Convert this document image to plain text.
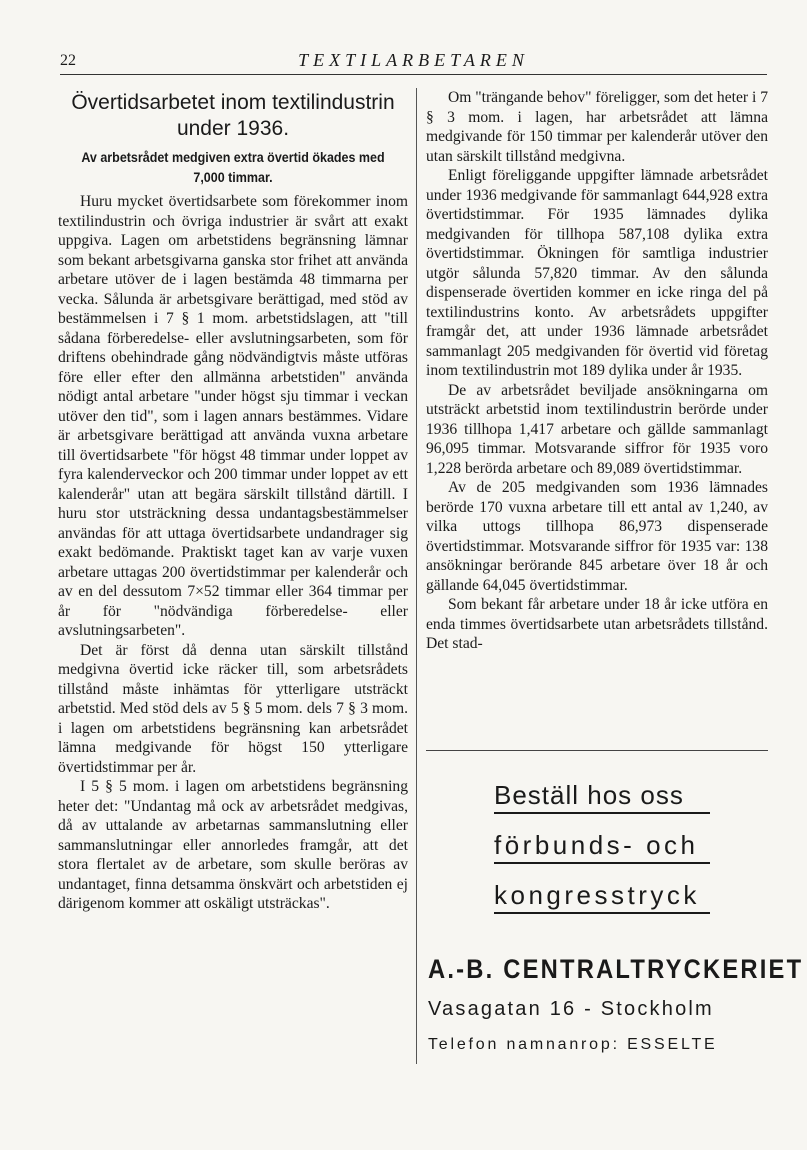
22	TEXTILARBETAREN
Övertidsarbetet inom textilindustrin under 1936.
Av arbetsrådet medgiven extra övertid ökades med 7,000 timmar.

Huru mycket övertidsarbete som förekommer inom textilindustrin och övriga industrier är svårt att exakt uppgiva. Lagen om arbetstidens begränsning lämnar som bekant arbetsgivarna ganska stor frihet att använda arbetare utöver de i lagen bestämda 48 timmarna per vecka. Sålunda är arbetsgivare berättigad, med stöd av bestämmelsen i 7 § 1 mom. arbetstidslagen, att "till sådana förberedelse- eller avslutningsarbeten, som för driftens obehindrade gång nödvändigtvis måste utföras före eller efter den allmänna arbetstiden" använda nödigt antal arbetare "under högst sju timmar i veckan utöver den tid", som i lagen annars bestämmes. Vidare är arbetsgivare berättigad att använda vuxna arbetare till övertidsarbete "för högst 48 timmar under loppet av fyra kalenderveckor och 200 timmar under loppet av ett kalenderår" utan att begära särskilt tillstånd därtill. I huru stor utsträckning dessa undantagsbestämmelser användas för att uttaga övertidsarbete undandrager sig exakt bedömande. Praktiskt taget kan av varje vuxen arbetare uttagas 200 övertidstimmar per kalenderår och av en del dessutom 7×52 timmar eller 364 timmar per år för "nödvändiga förberedelse- eller avslutningsarbeten".

Det är först då denna utan särskilt tillstånd medgivna övertid icke räcker till, som arbetsrådets tillstånd måste inhämtas för ytterligare utsträckt arbetstid. Med stöd dels av 5 § 5 mom. dels 7 § 3 mom. i lagen om arbetstidens begränsning kan arbetsrådet lämna medgivande för högst 150 ytterligare övertidstimmar per år.

I 5 § 5 mom. i lagen om arbetstidens begränsning heter det: "Undantag må ock av arbetsrådet medgivas, då av uttalande av arbetarnas sammanslutning eller sammanslutningar eller annorledes framgår, att det stora flertalet av de arbetare, som skulle beröras av undantaget, finna detsamma önskvärt och arbetstiden ej därigenom kommer att oskäligt utsträckas".

Om "trängande behov" föreligger, som det heter i 7 § 3 mom. i lagen, har arbetsrådet att lämna medgivande för 150 timmar per kalenderår utöver den utan särskilt tillstånd medgivna.

Enligt föreliggande uppgifter lämnade arbetsrådet under 1936 medgivande för sammanlagt 644,928 extra övertidstimmar. För 1935 lämnades dylika medgivanden för tillhopa 587,108 dylika extra övertidstimmar. Ökningen för samtliga industrier utgör sålunda 57,820 timmar. Av den sålunda dispenserade övertiden kommer en icke ringa del på textilindustrins konto. Av arbetsrådets uppgifter framgår det, att under 1936 lämnade arbetsrådet sammanlagt 205 medgivanden för övertid vid företag inom textilindustrin mot 189 dylika under år 1935.

De av arbetsrådet beviljade ansökningarna om utsträckt arbetstid inom textilindustrin berörde under 1936 tillhopa 1,417 arbetare och gällde sammanlagt 96,095 timmar. Motsvarande siffror för 1935 voro 1,228 berörda arbetare och 89,089 övertidstimmar.

Av de 205 medgivanden som 1936 lämnades berörde 170 vuxna arbetare till ett antal av 1,240, av vilka uttogs tillhopa 86,973 dispenserade övertidstimmar. Motsvarande siffror för 1935 var: 138 ansökningar berörande 845 arbetare över 18 år och gällande 64,045 övertidstimmar.

Som bekant får arbetare under 18 år icke utföra en enda timmes övertidsarbete utan arbetsrådets tillstånd. Det stad-

Beställ hos oss
förbunds- och
kongresstryck
A.-B. CENTRALTRYCKERIET
Vasagatan 16 - Stockholm
Telefon namnanrop: ESSELTE
